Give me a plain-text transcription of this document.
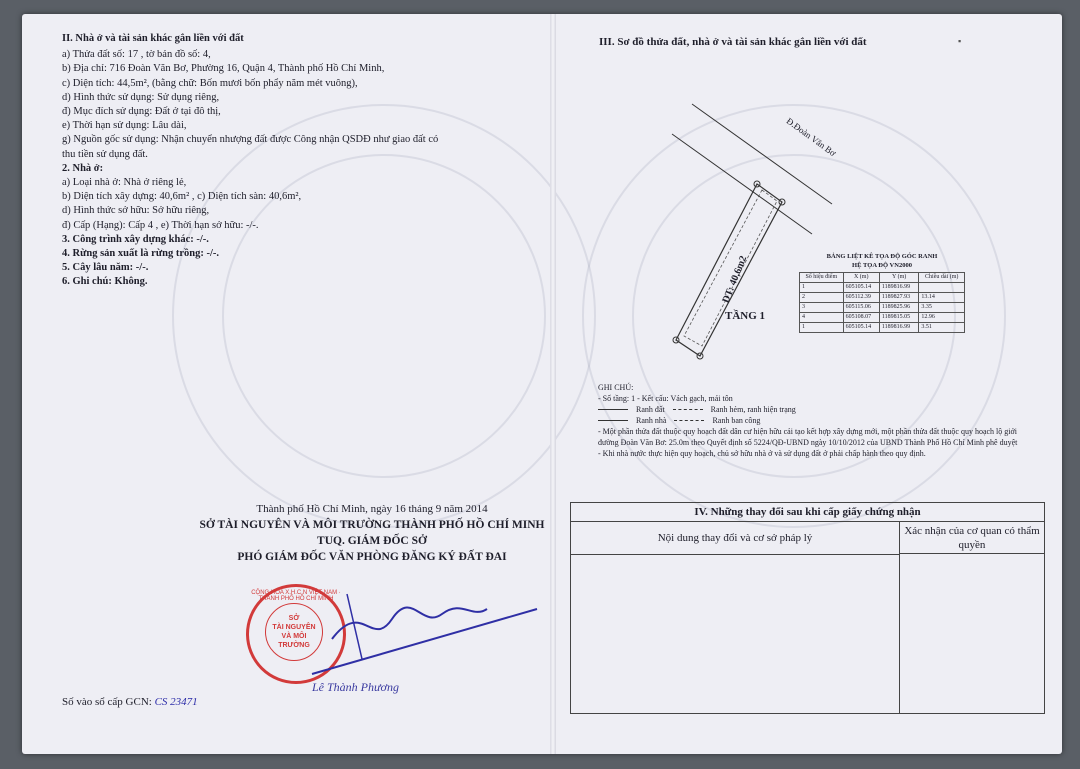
II. Nhà ở và tài sản khác gắn liền với đất
a) Thửa đất số: 17 , tờ bản đồ số: 4,
b) Địa chỉ: 716 Đoàn Văn Bơ, Phường 16, Quận 4, Thành phố Hồ Chí Minh,
c) Diện tích: 44,5m², (bằng chữ: Bốn mươi bốn phẩy năm mét vuông),
d) Hình thức sử dụng: Sử dụng riêng,
đ) Mục đích sử dụng: Đất ở tại đô thị,
e) Thời hạn sử dụng: Lâu dài,
g) Nguồn gốc sử dụng: Nhận chuyển nhượng đất được Công nhận QSDĐ như giao đất có
thu tiền sử dụng đất.
2. Nhà ở:
a) Loại nhà ở: Nhà ở riêng lẻ,
b) Diện tích xây dựng: 40,6m² , c) Diện tích sàn: 40,6m²,
d) Hình thức sở hữu: Sở hữu riêng,
đ) Cấp (Hạng): Cấp 4 , e) Thời hạn sở hữu: -/-.
3. Công trình xây dựng khác: -/-.
4. Rừng sản xuất là rừng trồng: -/-.
5. Cây lâu năm: -/-.
6. Ghi chú: Không.
Thành phố Hồ Chí Minh, ngày 16 tháng 9 năm 2014
SỞ TÀI NGUYÊN VÀ MÔI TRƯỜNG THÀNH PHỐ HỒ CHÍ MINH
TUQ. GIÁM ĐỐC SỞ
PHÓ GIÁM ĐỐC VĂN PHÒNG ĐĂNG KÝ ĐẤT ĐAI
CỘNG HÒA X.H.C.N VIỆT NAM · THÀNH PHỐ HỒ CHÍ MINH
SỞ
TÀI NGUYÊN
VÀ MÔI TRƯỜNG
Lê Thành Phương
Số vào sổ cấp GCN: CS 23471
III. Sơ đồ thửa đất, nhà ở và tài sản khác gắn liền với đất	▪
Đ.Đoàn Văn Bơ
DT: 40,6m2
TẦNG 1
BẢNG LIỆT KÊ TỌA ĐỘ GÓC RANH
HỆ TỌA ĐỘ VN2000
Số hiệu điểm	X (m)	Y (m)	Chiều dài (m)
1	605105.14	1189816.99	
2	605112.39	1189827.93	13.14
3	605115.06	1189825.96	3.35
4	605108.07	1189815.05	12.96
1	605105.14	1189816.99	3.51
GHI CHÚ:
- Số tầng: 1 - Kết cấu: Vách gạch, mái tôn
Ranh đất	Ranh hẻm, ranh hiện trạng
Ranh nhà	Ranh ban công
- Một phần thửa đất thuộc quy hoạch đất dân cư hiện hữu cải tạo kết hợp xây dựng mới, một phần thửa đất thuộc quy hoạch lộ giới đường Đoàn Văn Bơ: 25.0m theo Quyết định số 5224/QĐ-UBND ngày 10/10/2012 của UBND Thành Phố Hồ Chí Minh phê duyệt
- Khi nhà nước thực hiện quy hoạch, chủ sở hữu nhà ở và sử dụng đất ở phải chấp hành theo quy định.
IV. Những thay đổi sau khi cấp giấy chứng nhận
Nội dung thay đổi và cơ sở pháp lý
Xác nhận của cơ quan có thẩm quyền
